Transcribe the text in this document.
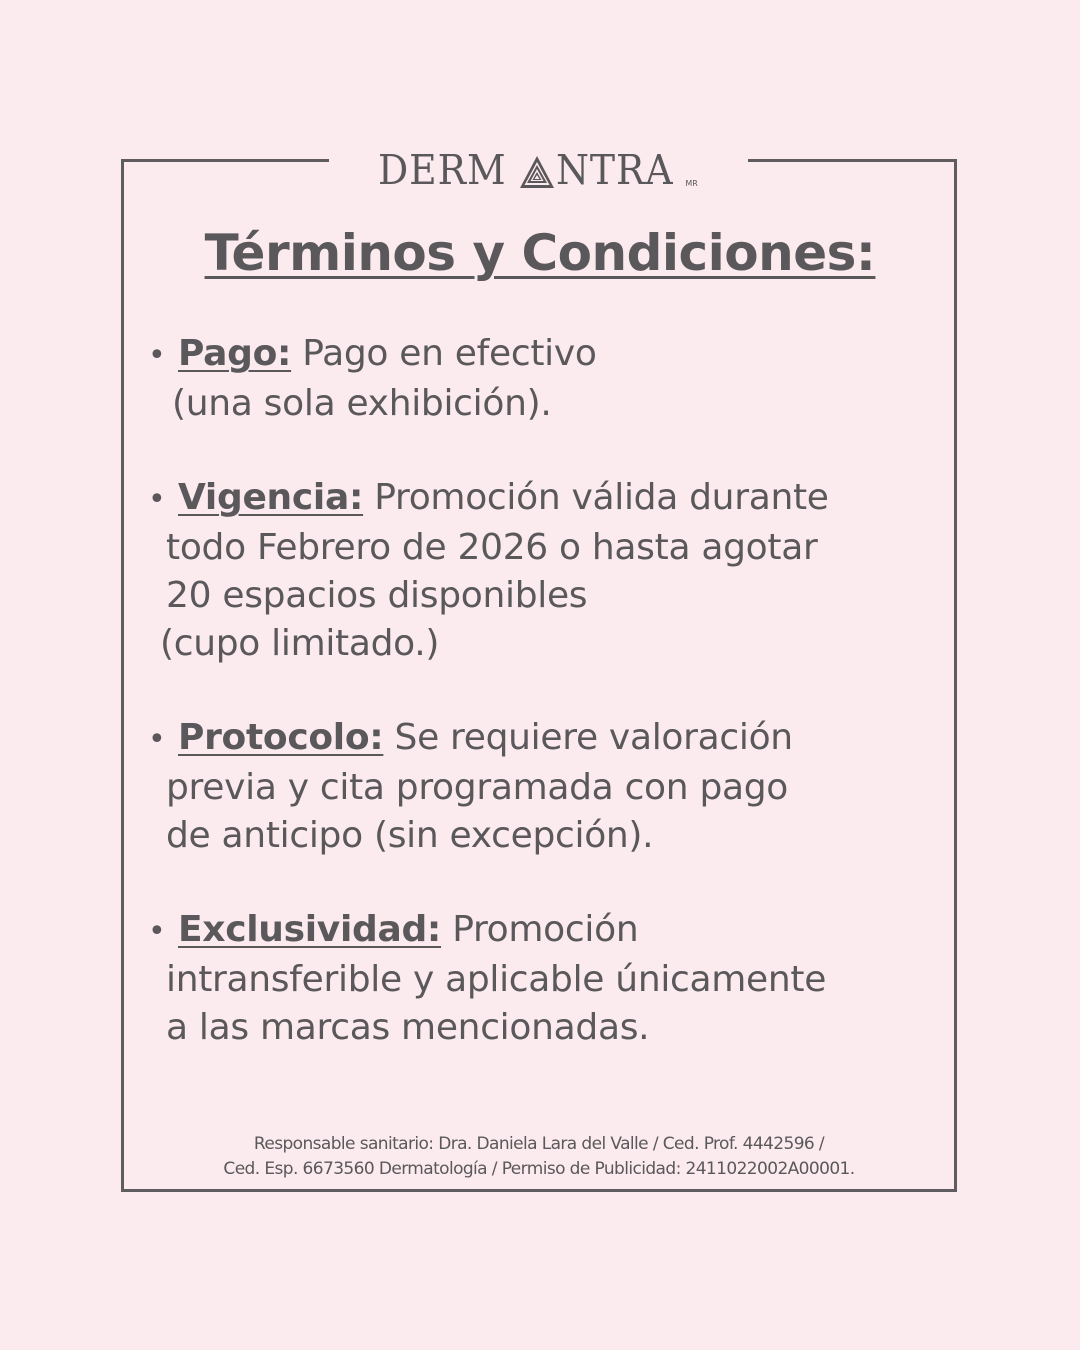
DERM NTRA MR
Términos y Condiciones:
• Pago: Pago en efectivo
(una sola exhibición).
• Vigencia: Promoción válida durante
todo Febrero de 2026 o hasta agotar
20 espacios disponibles
(cupo limitado.)
• Protocolo: Se requiere valoración
previa y cita programada con pago
de anticipo (sin excepción).
• Exclusividad: Promoción
intransferible y aplicable únicamente
a las marcas mencionadas.
Responsable sanitario: Dra. Daniela Lara del Valle / Ced. Prof. 4442596 /
Ced. Esp. 6673560 Dermatología / Permiso de Publicidad: 2411022002A00001.
